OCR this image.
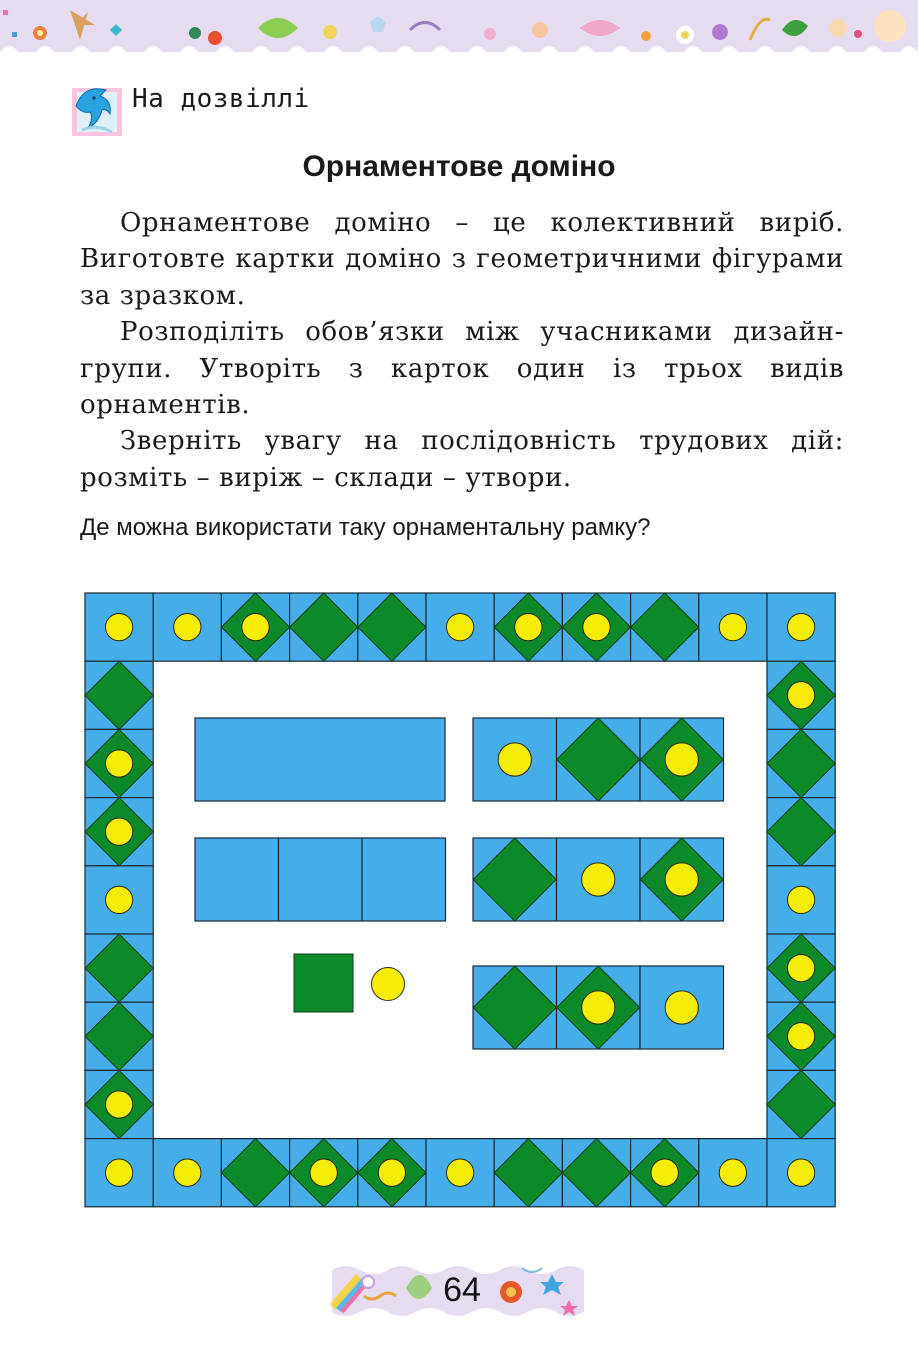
На дозвіллі
Орнаментове доміно

Орнаментове доміно – це колективний виріб. Виготовте картки доміно з геометричними фігурами за зразком.

Розподіліть обов’язки між учасниками дизайн-групи. Утворіть з карток один із трьох видів орнаментів.

Зверніть увагу на послідовність трудових дій: розміть – виріж – склади – утвори.

Де можна використати таку орнаментальну рамку?
64
